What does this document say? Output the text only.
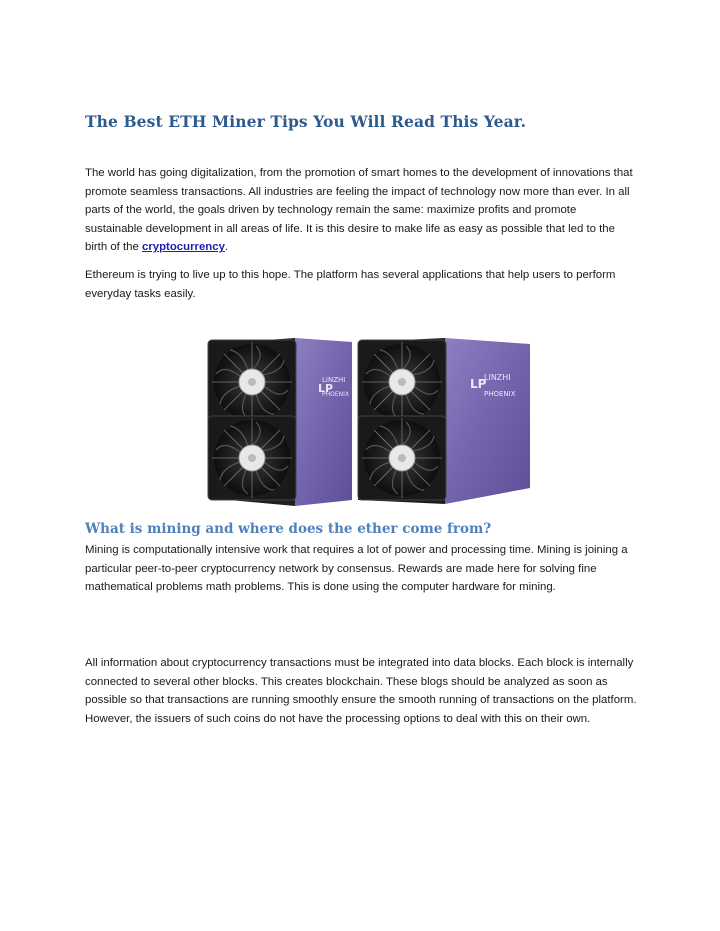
The Best ETH Miner Tips You Will Read This Year.

The world has going digitalization, from the promotion of smart homes to the development of innovations that promote seamless transactions. All industries are feeling the impact of technology now more than ever. In all parts of the world, the goals driven by technology remain the same: maximize profits and promote sustainable development in all areas of life. It is this desire to make life as easy as possible that led to the birth of the cryptocurrency.

Ethereum is trying to live up to this hope. The platform has several applications that help users to perform everyday tasks easily.

LP
LINZHI
PHOENIX
LP
LINZHI
PHOENIX
What is mining and where does the ether come from?

Mining is computationally intensive work that requires a lot of power and processing time. Mining is joining a particular peer-to-peer cryptocurrency network by consensus. Rewards are made here for solving fine mathematical problems math problems. This is done using the computer hardware for mining.

All information about cryptocurrency transactions must be integrated into data blocks. Each block is internally connected to several other blocks. This creates blockchain. These blogs should be analyzed as soon as possible so that transactions are running smoothly ensure the smooth running of transactions on the platform. However, the issuers of such coins do not have the processing options to deal with this on their own.
